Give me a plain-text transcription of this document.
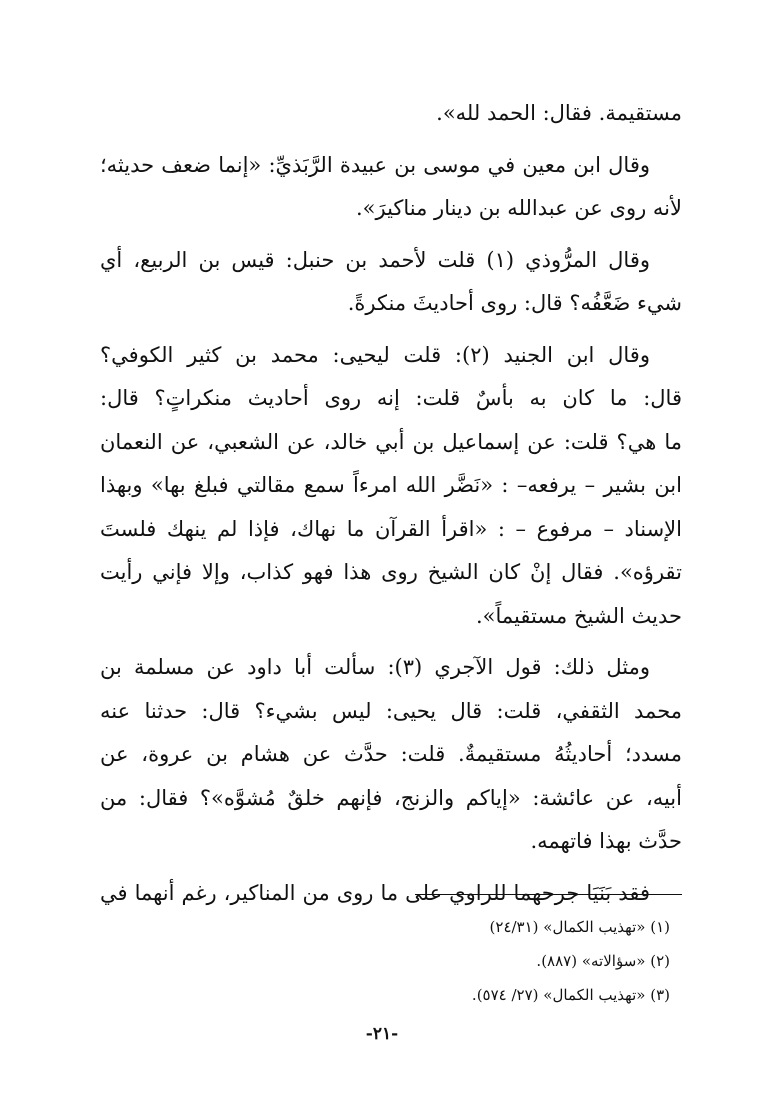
مستقيمة. فقال: الحمد لله».
وقال ابن معين في موسى بن عبيدة الرَّبَذيِّ: «إنما ضعف حديثه؛
لأنه روى عن عبدالله بن دينار مناكيرَ».
وقال المرُّوذي (١) قلت لأحمد بن حنبل: قيس بن الربيع، أي
شيء ضَعَّفُه؟ قال: روى أحاديثَ منكرةً.
وقال ابن الجنيد (٢): قلت ليحيى: محمد بن كثير الكوفي؟
قال: ما كان به بأسٌ قلت: إنه روى أحاديث منكراتٍ؟ قال:
ما هي؟ قلت: عن إسماعيل بن أبي خالد، عن الشعبي، عن النعمان
ابن بشير – يرفعه– : «نَضَّر الله امرءاً سمع مقالتي فبلغ بها» وبهذا
الإسناد – مرفوع – : «اقرأ القرآن ما نهاك، فإذا لم ينهك فلستَ
تقرؤه». فقال إنْ كان الشيخ روى هذا فهو كذاب، وإلا فإني رأيت
حديث الشيخ مستقيماً».
ومثل ذلك: قول الآجري (٣): سألت أبا داود عن مسلمة بن
محمد الثقفي، قلت: قال يحيى: ليس بشيء؟ قال: حدثنا عنه
مسدد؛ أحاديثُهُ مستقيمةٌ. قلت: حدَّث عن هشام بن عروة، عن
أبيه، عن عائشة: «إياكم والزنج، فإنهم خلقٌ مُشوَّه»؟ فقال: من
حدَّث بهذا فاتهمه.
فقد بَنَيَا جرحهما للراوي على ما روى من المناكير، رغم أنهما في
(١) «تهذيب الكمال» (٢٤/٣١)
(٢) «سؤالاته» (٨٨٧).
(٣) «تهذيب الكمال» (٢٧/ ٥٧٤).
-٢١-
